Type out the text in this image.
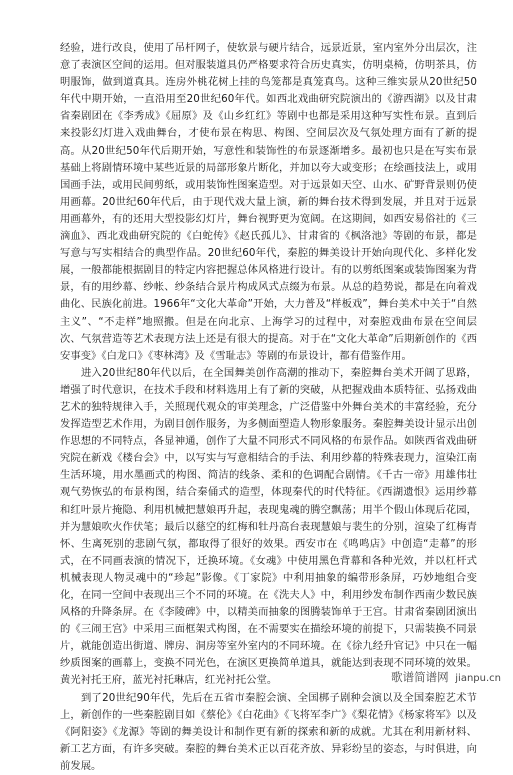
经验，进行改良，使用了吊杆网子，使软景与硬片结合，远景近景，室内室外分出层次，注意了表演区空间的运用。但对服装道具仍严格要求符合历史真实，仿明桌椅，仿明茶具，仿明服饰，做到道真具。连房外桃花树上挂的鸟笼都是真笼真鸟。这种三维实景从20世纪50年代中期开始，一直沿用至20世纪60年代。如西北戏曲研究院演出的《游西湖》以及甘肃省秦剧团在《李秀成》《屈原》及《山乡红红》等剧中也都是采用这种写实性布景。直到后来投影幻灯进入戏曲舞台，才使布景在构思、构图、空间层次及气氛处理方面有了新的提高。从20世纪50年代后期开始，写意性和装饰性的布景逐渐增多。最初也只是在写实布景基础上将剧情环境中某些近景的局部形象片断化，并加以夸大或变形；在绘画技法上，或用国画手法，或用民间剪纸，或用装饰性图案造型。对于远景如天空、山水、矿野背景则仍使用画幕。20世纪60年代后，由于现代戏大量上演，新的舞台技术得到发展，并且对于远景用画幕外，有的还用大型投影幻灯片，舞台视野更为宽阔。在这期间，如西安易俗社的《三滴血》、西北戏曲研究院的《白蛇传》《赵氏孤儿》、甘肃省的《枫洛池》等剧的布景，都是写意与写实相结合的典型作品。20世纪60年代，秦腔的舞美设计开始向现代化、多样化发展，一般都能根据剧目的特定内容把握总体风格进行设计。有的以剪纸图案或装饰图案为背景，有的用纱幕、纱帐、纱条结合景片构成风式点缀为布景。从总的趋势说，都是在向着戏曲化、民族化前进。1966年“文化大革命”开始，大力普及“样板戏”，舞台美术中关于“自然主义”、“不走样”地照搬。但是在向北京、上海学习的过程中，对秦腔戏曲布景在空间层次、气氛营造等艺术表现方法上还是有很大的提高。对于在“文化大革命”后期新创作的《西安事变》《白龙口》《枣林湾》及《雪耻志》等剧的布景设计，都有借鉴作用。

进入20世纪80年代以后，在全国舞美创作高潮的推动下，秦腔舞台美术开阔了思路，增强了时代意识，在技术手段和材料选用上有了新的突破，从把握戏曲本质特征、弘扬戏曲艺术的独特规律入手，关照现代观众的审美理念，广泛借鉴中外舞台美术的丰富经验，充分发挥造型艺术作用，为剧目创作服务，为多侧面塑造人物形象服务。秦腔舞美设计显示出创作思想的不同特点，各显神通，创作了大量不同形式不同风格的布景作品。如陕西省戏曲研究院在新戏《楼台会》中，以写实与写意相结合的手法、利用纱幕的特殊表现力，渲染江南生活环境，用水墨画式的构图、简洁的线条、柔和的色调配合剧情。《千古一帝》用雄伟壮观气势恢弘的布景构图，结合秦俑式的造型，体现秦代的时代特征。《西湖遗恨》运用纱幕和红叶景片掩隐、利用机械把慧娘再升起，表现鬼魂的腾空飘荡；用半个假山体现后花园，并为慧娘吹火作伏笔；最后以慈空的红梅和牡丹高台表现慧娘与裴生的分别，渲染了红梅青怀、生离死别的悲剧气氛，都取得了很好的效果。西安市在《鸣鸣店》中创造“走幕”的形式，在不同画表演的情况下，迁换环境。《女魂》中使用黑色背幕和各种光效，并以杠杆式机械表现人物灵魂中的“珍起”影像。《丁家院》中利用抽象的编带形条屏，巧妙地组合变化，在同一空间中表现出三个不同的环境。在《洗夫人》中，利用纱发布制作西南少数民族风格的升降条屏。在《李陵碑》中，以精美而抽象的图腾装饰单于王宫。甘肃省秦剧团演出的《三闹王宫》中采用三面框架式构图，在不需要实在描绘环境的前提下，只需装换不同景片，就能创造出街道、牌房、洞房等室外室内的不同环境。在《徐九经升官记》中只在一幅纱质图案的画幕上，变换不同光色，在演区更换简单道具，就能达到表现不同环境的效果。黄光衬托王府，蓝光衬托琳店，红光衬托公堂。

到了20世纪90年代，先后在五省市秦腔会演、全国梆子剧种会演以及全国秦腔艺术节上，新创作的一些秦腔剧目如《蔡伦》《白花曲》《飞将军李广》《梨花情》《杨家将军》以及《阿阳姿》《龙源》等剧的舞美设计和制作更有新的探索和新的成就。尤其在利用新材料、新工艺方面，有许多突破。秦腔的舞台美术正以百花齐放、异彩纷呈的姿态，与时俱进，向前发展。

歌谱简谱网 jianpu.cn
